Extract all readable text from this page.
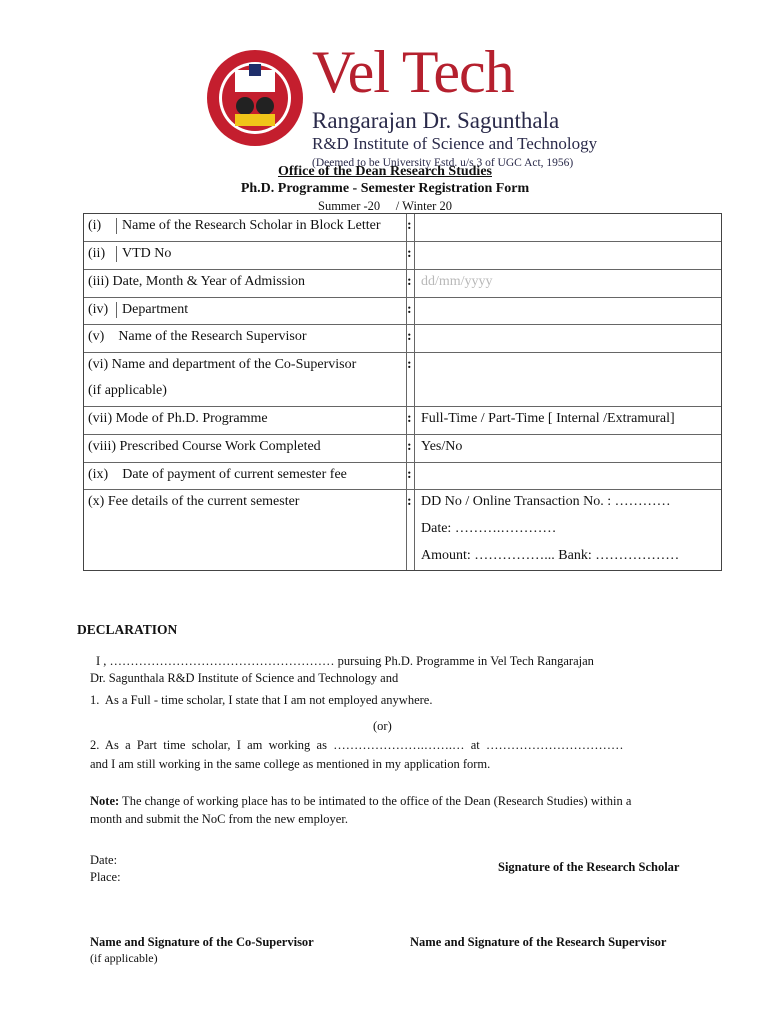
Vel Tech
Rangarajan Dr. Sagunthala
R&D Institute of Science and Technology
(Deemed to be University Estd. u/s 3 of UGC Act, 1956)
Office of the Dean Research Studies
Ph.D. Programme - Semester Registration Form
Summer -20     / Winter 20
(i) Name of the Research Scholar in Block Letter :
(ii) VTD No	:
(iii) Date, Month & Year of Admission	: dd/mm/yyyy
(iv) Department	:
(v)    Name of the Research Supervisor	:
(vi) Name and department of the Co-Supervisor
(if applicable)
:
(vii) Mode of Ph.D. Programme	: Full-Time / Part-Time [ Internal /Extramural]
(viii) Prescribed Course Work Completed	: Yes/No
(ix)    Date of payment of current semester fee	:
(x) Fee details of the current semester	: DD No / Online Transaction No. : …………
Date: ……….…………
Amount: ……………... Bank: ………………
DECLARATION
I , ……………………………………………… pursuing Ph.D. Programme in Vel Tech Rangarajan
Dr. Sagunthala R&D Institute of Science and Technology and
1.  As a Full - time scholar, I state that I am not employed anywhere.
(or)
2.  As  a  Part  time  scholar,  I  am  working  as  ………………….…….…  at  ……………………………
and I am still working in the same college as mentioned in my application form.
Note: The change of working place has to be intimated to the office of the Dean (Research Studies) within a
month and submit the NoC from the new employer.
Date:
Place:
Signature of the Research Scholar
Name and Signature of the Co-Supervisor
(if applicable)
Name and Signature of the Research Supervisor
